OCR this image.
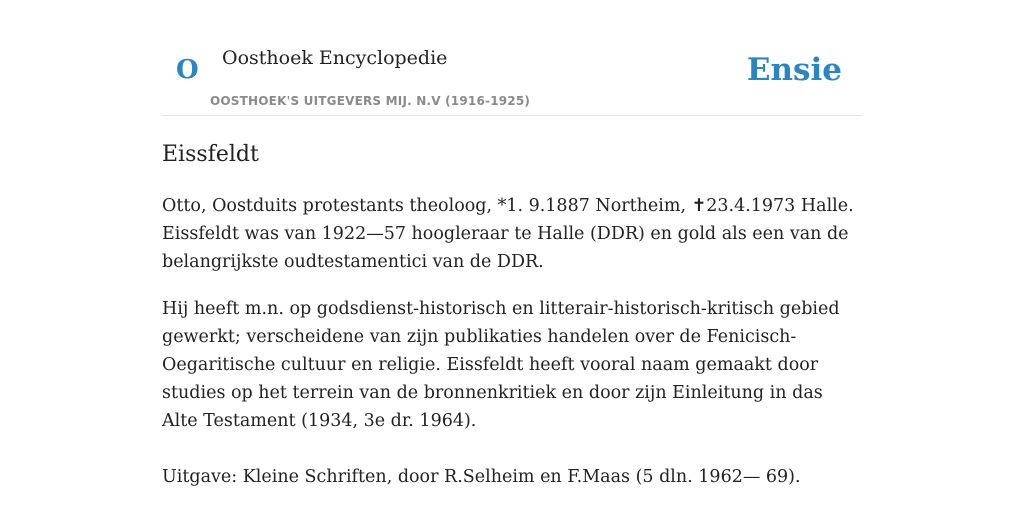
O Oosthoek Encyclopedie
OOSTHOEK'S UITGEVERS MIJ. N.V (1916-1925)
Ensie
Eissfeldt

Otto, Oostduits protestants theoloog, *1. 9.1887 Northeim, ✝23.4.1973 Halle. Eissfeldt was van 1922—57 hoogleraar te Halle (DDR) en gold als een van de belangrijkste oudtestamentici van de DDR.

Hij heeft m.n. op godsdienst-historisch en litterair-historisch-kritisch gebied gewerkt; verscheidene van zijn publikaties handelen over de Fenicisch-Oegaritische cultuur en religie. Eissfeldt heeft vooral naam gemaakt door studies op het terrein van de bronnenkritiek en door zijn Einleitung in das Alte Testament (1934, 3e dr. 1964).

Uitgave: Kleine Schriften, door R.Selheim en F.Maas (5 dln. 1962— 69).
